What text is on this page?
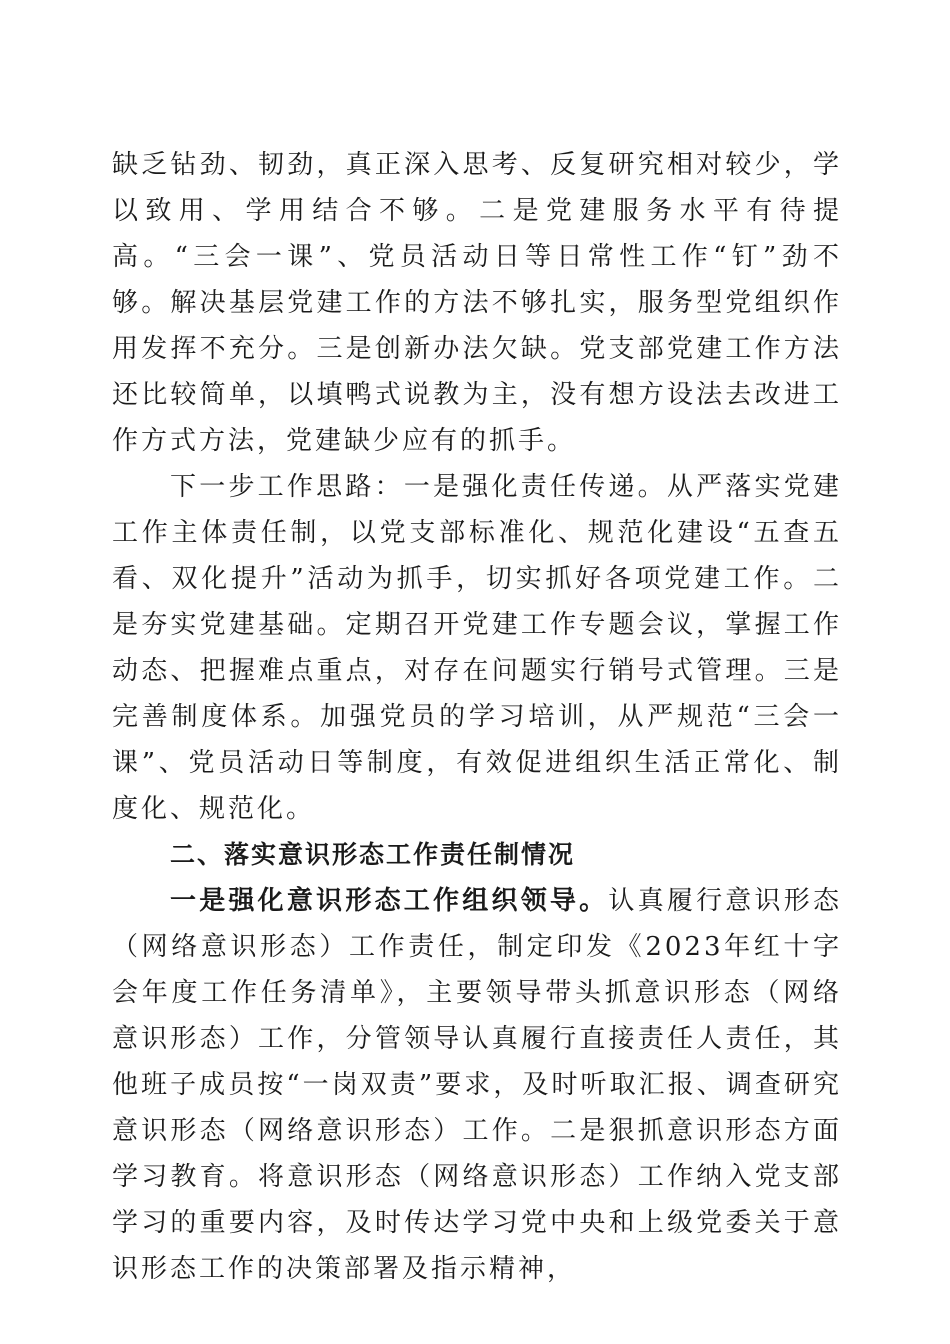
缺乏钻劲、韧劲，真正深入思考、反复研究相对较少，学以致用、学用结合不够。二是党建服务水平有待提高。“三会一课”、党员活动日等日常性工作“钉”劲不够。解决基层党建工作的方法不够扎实，服务型党组织作用发挥不充分。三是创新办法欠缺。党支部党建工作方法还比较简单，以填鸭式说教为主，没有想方设法去改进工作方式方法，党建缺少应有的抓手。

下一步工作思路：一是强化责任传递。从严落实党建工作主体责任制，以党支部标准化、规范化建设“五查五看、双化提升”活动为抓手，切实抓好各项党建工作。二是夯实党建基础。定期召开党建工作专题会议，掌握工作动态、把握难点重点，对存在问题实行销号式管理。三是完善制度体系。加强党员的学习培训，从严规范“三会一课”、党员活动日等制度，有效促进组织生活正常化、制度化、规范化。

二、落实意识形态工作责任制情况

一是强化意识形态工作组织领导。认真履行意识形态（网络意识形态）工作责任，制定印发《2023年红十字会年度工作任务清单》，主要领导带头抓意识形态（网络意识形态）工作，分管领导认真履行直接责任人责任，其他班子成员按“一岗双责”要求，及时听取汇报、调查研究意识形态（网络意识形态）工作。二是狠抓意识形态方面学习教育。将意识形态（网络意识形态）工作纳入党支部学习的重要内容，及时传达学习党中央和上级党委关于意识形态工作的决策部署及指示精神，
